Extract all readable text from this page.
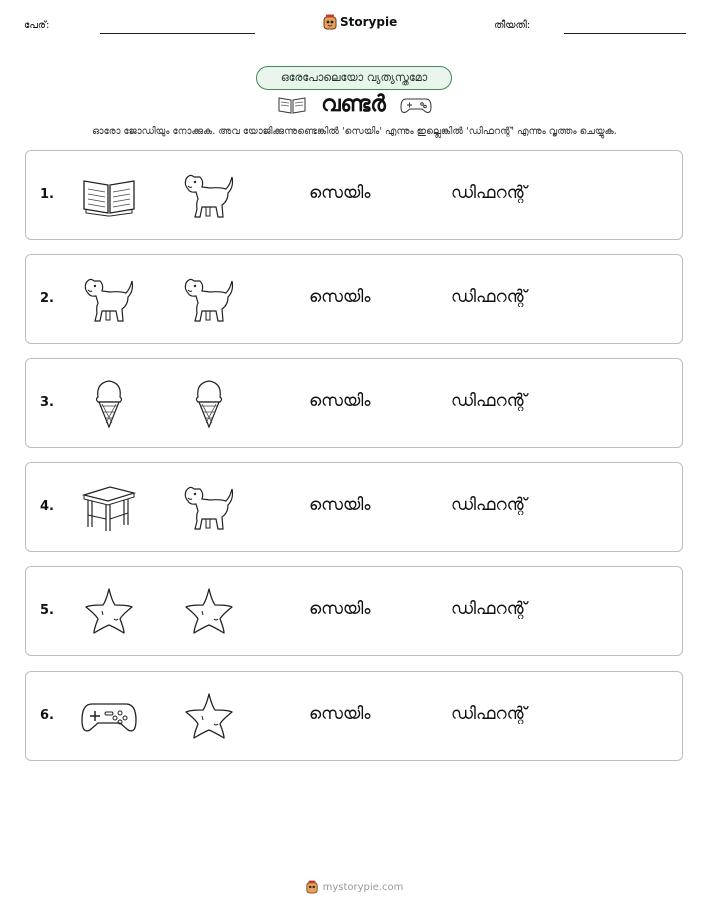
പേര്:	Storypie	തീയതി:
ഒരേപോലെയോ വ്യത്യസ്തമോ
വണ്ടർ
ഓരോ ജോഡിയും നോക്കുക. അവ യോജിക്കുന്നുണ്ടെങ്കിൽ 'സെയിം' എന്നും ഇല്ലെങ്കിൽ 'ഡിഫറന്റ്' എന്നും വൃത്തം ചെയ്യുക.
1.	സെയിം	ഡിഫറന്റ്
2.	സെയിം	ഡിഫറന്റ്
3.	സെയിം	ഡിഫറന്റ്
4.	സെയിം	ഡിഫറന്റ്
5.	സെയിം	ഡിഫറന്റ്
6.	സെയിം	ഡിഫറന്റ്
mystorypie.com
